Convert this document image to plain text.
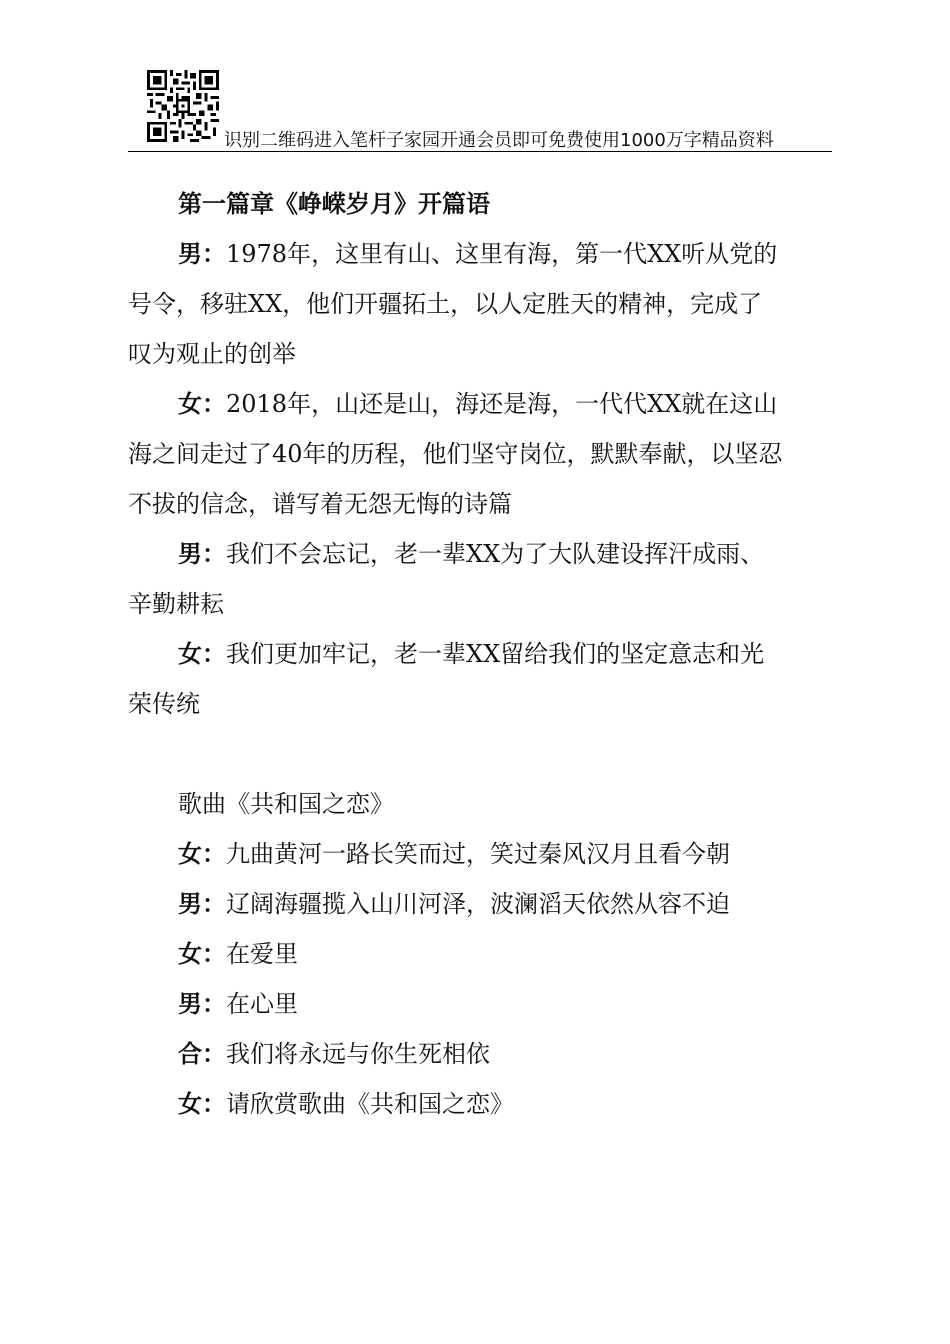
识别二维码进入笔杆子家园开通会员即可免费使用1000万字精品资料
第一篇章《峥嵘岁月》开篇语
男：1978年，这里有山、这里有海，第一代XX听从党的
号令，移驻XX，他们开疆拓土，以人定胜天的精神，完成了
叹为观止的创举
女：2018年，山还是山，海还是海，一代代XX就在这山
海之间走过了40年的历程，他们坚守岗位，默默奉献，以坚忍
不拔的信念，谱写着无怨无悔的诗篇
男：我们不会忘记，老一辈XX为了大队建设挥汗成雨、
辛勤耕耘
女：我们更加牢记，老一辈XX留给我们的坚定意志和光
荣传统
歌曲《共和国之恋》
女：九曲黄河一路长笑而过，笑过秦风汉月且看今朝
男：辽阔海疆揽入山川河泽，波澜滔天依然从容不迫
女：在爱里
男：在心里
合：我们将永远与你生死相依
女：请欣赏歌曲《共和国之恋》
